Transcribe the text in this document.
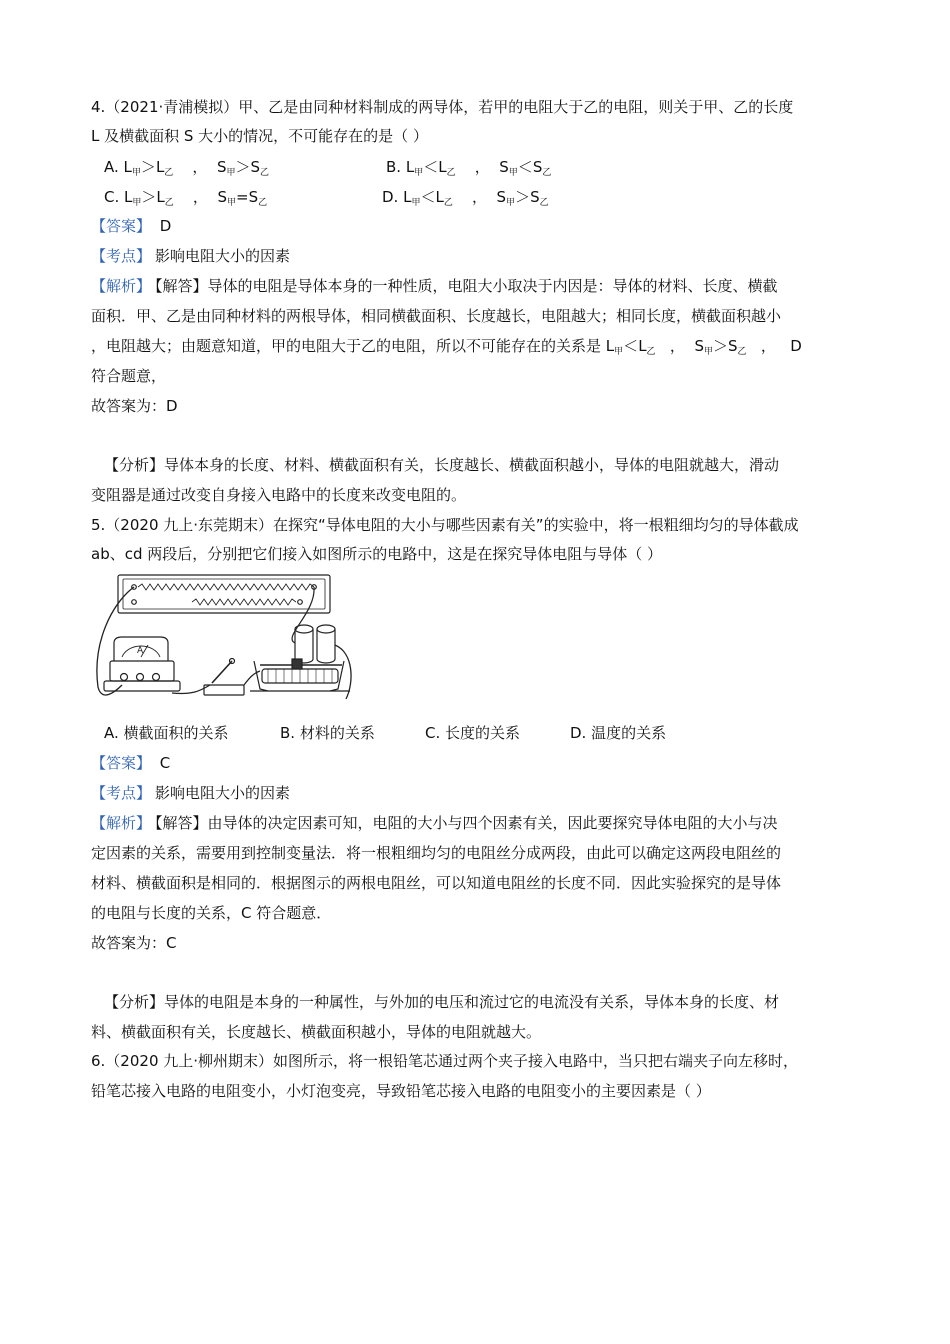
4.（2021·青浦模拟）甲、乙是由同种材料制成的两导体，若甲的电阻大于乙的电阻，则关于甲、乙的长度
L 及横截面积 S 大小的情况，不可能存在的是（ ）
A. $L_甲>L_乙$ ， $S_甲>S_乙$	B. $L_甲<L_乙$ ， $S_甲<S_乙$
C. $L_甲>L_乙$ ， $S_甲=S_乙$	D. $L_甲<L_乙$ ， $S_甲>S_乙$
【答案】 D
【考点】 影响电阻大小的因素
【解析】 【解答】导体的电阻是导体本身的一种性质，电阻大小取决于内因是：导体的材料、长度、横截
面积．甲、乙是由同种材料的两根导体，相同横截面积、长度越长，电阻越大；相同长度，横截面积越小
，电阻越大；由题意知道，甲的电阻大于乙的电阻，所以不可能存在的关系是 $L_甲<L_乙$ ， $S_甲>S_乙$ ， D
符合题意，
故答案为：D
【分析】导体本身的长度、材料、横截面积有关，长度越长、横截面积越小，导体的电阻就越大，滑动
变阻器是通过改变自身接入电路中的长度来改变电阻的。
5.（2020 九上·东莞期末）在探究“导体电阻的大小与哪些因素有关”的实验中，将一根粗细均匀的导体截成
ab、cd 两段后，分别把它们接入如图所示的电路中，这是在探究导体电阻与导体（ ）
A
A. 横截面积的关系	B. 材料的关系	C. 长度的关系	D. 温度的关系
【答案】 C
【考点】 影响电阻大小的因素
【解析】 【解答】由导体的决定因素可知，电阻的大小与四个因素有关，因此要探究导体电阻的大小与决
定因素的关系，需要用到控制变量法．将一根粗细均匀的电阻丝分成两段，由此可以确定这两段电阻丝的
材料、横截面积是相同的．根据图示的两根电阻丝，可以知道电阻丝的长度不同．因此实验探究的是导体
的电阻与长度的关系，C 符合题意．
故答案为：C
【分析】导体的电阻是本身的一种属性，与外加的电压和流过它的电流没有关系，导体本身的长度、材
料、横截面积有关，长度越长、横截面积越小，导体的电阻就越大。
6.（2020 九上·柳州期末）如图所示，将一根铅笔芯通过两个夹子接入电路中，当只把右端夹子向左移时，
铅笔芯接入电路的电阻变小，小灯泡变亮，导致铅笔芯接入电路的电阻变小的主要因素是（ ）
